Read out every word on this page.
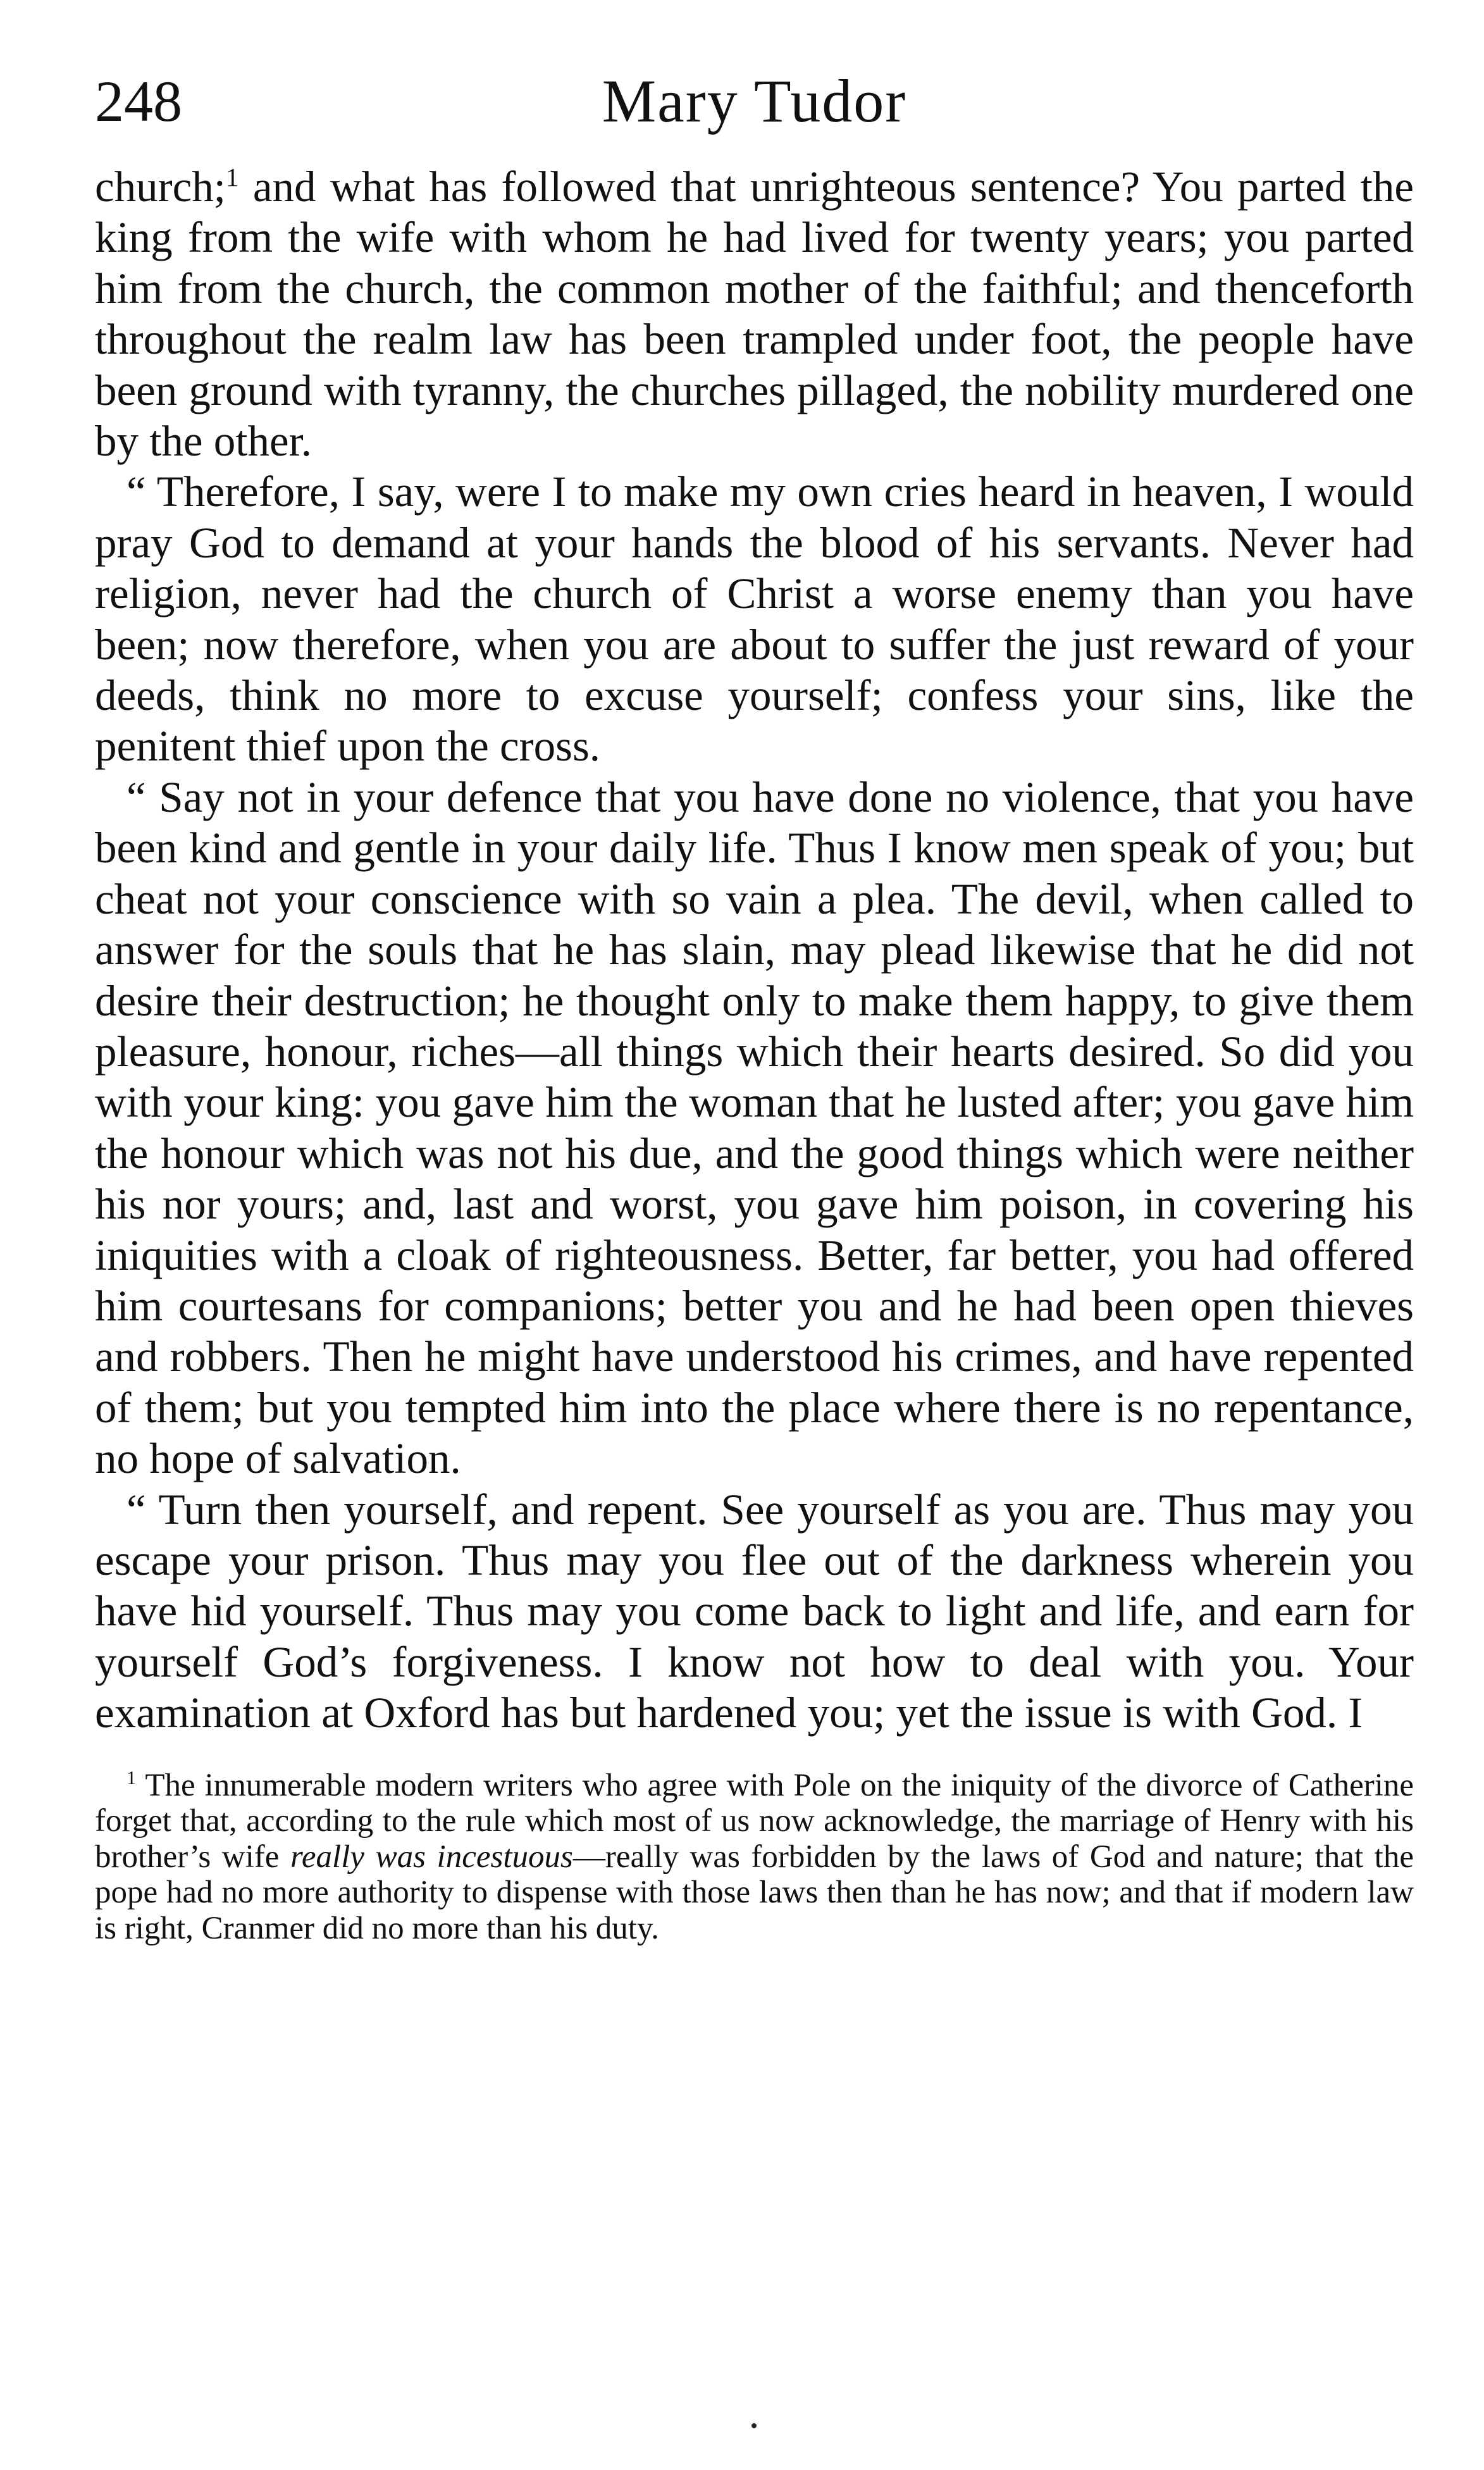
248	Mary Tudor

church;$^1$ and what has followed that unrighteous sentence? You parted the king from the wife with whom he had lived for twenty years; you parted him from the church, the common mother of the faithful; and thenceforth throughout the realm law has been trampled under foot, the people have been ground with tyranny, the churches pillaged, the nobility murdered one by the other.

“ Therefore, I say, were I to make my own cries heard in heaven, I would pray God to demand at your hands the blood of his servants. Never had religion, never had the church of Christ a worse enemy than you have been; now therefore, when you are about to suffer the just reward of your deeds, think no more to excuse yourself; confess your sins, like the penitent thief upon the cross.

“ Say not in your defence that you have done no violence, that you have been kind and gentle in your daily life. Thus I know men speak of you; but cheat not your conscience with so vain a plea. The devil, when called to answer for the souls that he has slain, may plead likewise that he did not desire their destruction; he thought only to make them happy, to give them pleasure, honour, riches—all things which their hearts desired. So did you with your king: you gave him the woman that he lusted after; you gave him the honour which was not his due, and the good things which were neither his nor yours; and, last and worst, you gave him poison, in covering his iniquities with a cloak of righteousness. Better, far better, you had offered him courtesans for companions; better you and he had been open thieves and robbers. Then he might have understood his crimes, and have repented of them; but you tempted him into the place where there is no repentance, no hope of salvation.

“ Turn then yourself, and repent. See yourself as you are. Thus may you escape your prison. Thus may you flee out of the darkness wherein you have hid yourself. Thus may you come back to light and life, and earn for yourself God’s forgiveness. I know not how to deal with you. Your examination at Oxford has but hardened you; yet the issue is with God. I

$^1$ The innumerable modern writers who agree with Pole on the iniquity of the divorce of Catherine forget that, according to the rule which most of us now acknowledge, the marriage of Henry with his brother’s wife really was incestuous—really was forbidden by the laws of God and nature; that the pope had no more authority to dispense with those laws then than he has now; and that if modern law is right, Cranmer did no more than his duty.
